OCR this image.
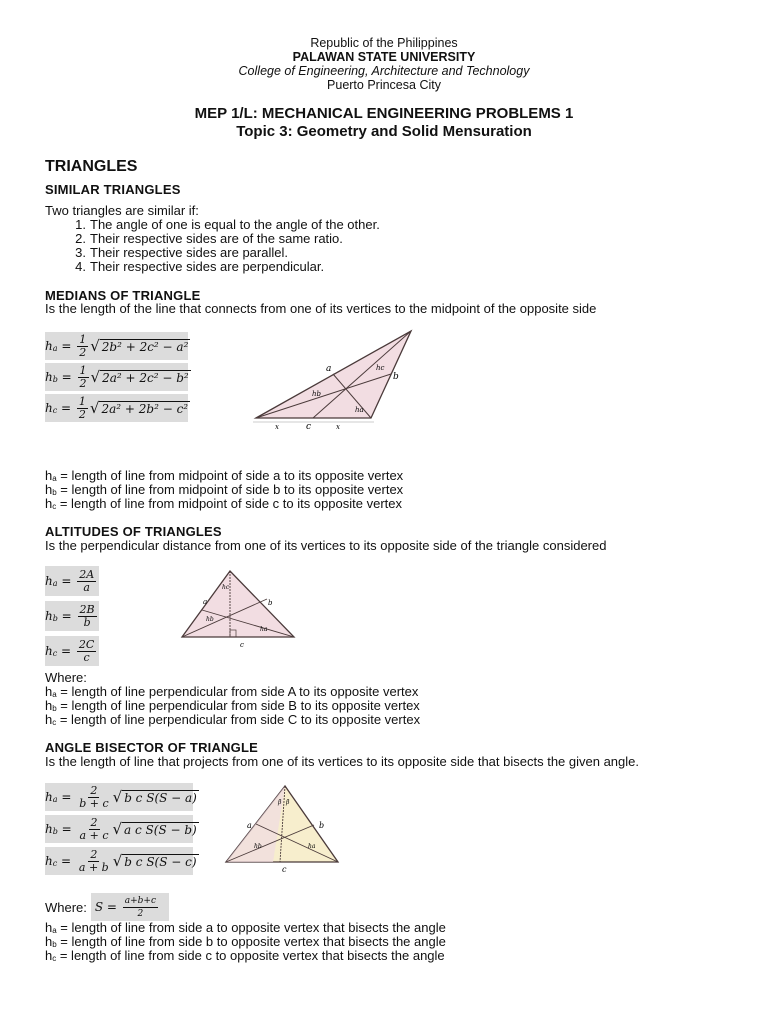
Republic of the Philippines
PALAWAN STATE UNIVERSITY
College of Engineering, Architecture and Technology
Puerto Princesa City
MEP 1/L: MECHANICAL ENGINEERING PROBLEMS 1
Topic 3: Geometry and Solid Mensuration
TRIANGLES
SIMILAR TRIANGLES
Two triangles are similar if:
1. The angle of one is equal to the angle of the other.
2. Their respective sides are of the same ratio.
3. Their respective sides are parallel.
4. Their respective sides are perpendicular.
MEDIANS OF TRIANGLE
Is the length of the line that connects from one of its vertices to the midpoint of the opposite side
ha = $\frac{1}{2}$ √ 2b² + 2c² − a²
hb = $\frac{1}{2}$ √ 2a² + 2c² − b²
hc = $\frac{1}{2}$ √ 2a² + 2b² − c²
a
b
c
x	x
hc
hb
ha
ha = length of line from midpoint of side a to its opposite vertex
hb = length of line from midpoint of side b to its opposite vertex
hc = length of line from midpoint of side c to its opposite vertex
ALTITUDES OF TRIANGLES
Is the perpendicular distance from one of its vertices to its opposite side of the triangle considered
ha = $\frac{2A}{a}$
hb = $\frac{2B}{b}$
hc = $\frac{2C}{c}$
a	b
c
hc
hb
ha
Where:
ha = length of line perpendicular from side A to its opposite vertex
hb = length of line perpendicular from side B to its opposite vertex
hc = length of line perpendicular from side C to its opposite vertex
ANGLE BISECTOR OF TRIANGLE
Is the length of line that projects from one of its vertices to its opposite side that bisects the given angle.
ha = $\frac{2}{b + c}$ √ b c S(S − a)
hb = $\frac{2}{a + c}$ √ a c S(S − b)
hc = $\frac{2}{a + b}$ √ b c S(S − c)
β β
a	b
c
hb	ha
Where:
S =
$\frac{a+b+c}{2}$
ha = length of line from side a to opposite vertex that bisects the angle
hb = length of line from side b to opposite vertex that bisects the angle
hc = length of line from side c to opposite vertex that bisects the angle
